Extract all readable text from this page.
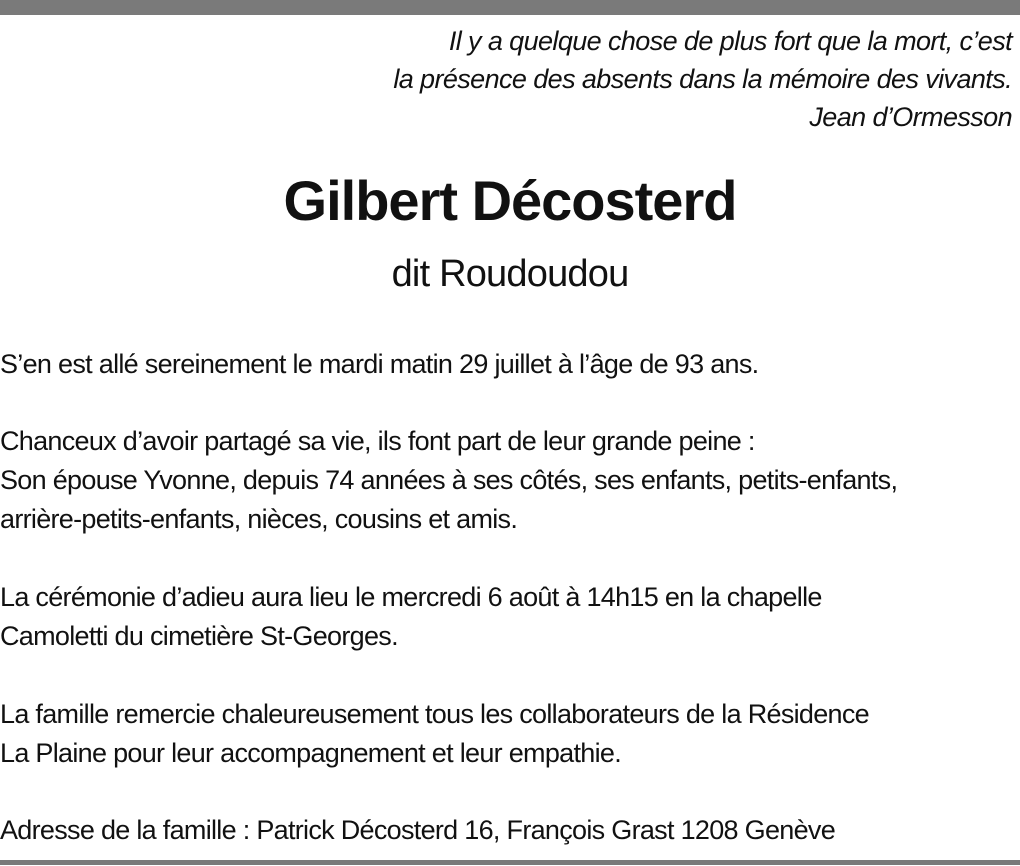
Il y a quelque chose de plus fort que la mort, c’est
la présence des absents dans la mémoire des vivants.
Jean d’Ormesson
Gilbert Décosterd
dit Roudoudou
S’en est allé sereinement le mardi matin 29 juillet à l’âge de 93 ans.
Chanceux d’avoir partagé sa vie, ils font part de leur grande peine :
Son épouse Yvonne, depuis 74 années à ses côtés, ses enfants, petits-enfants,
arrière-petits-enfants, nièces, cousins et amis.
La cérémonie d’adieu aura lieu le mercredi 6 août à 14h15 en la chapelle
Camoletti du cimetière St-Georges.
La famille remercie chaleureusement tous les collaborateurs de la Résidence
La Plaine pour leur accompagnement et leur empathie.
Adresse de la famille : Patrick Décosterd 16, François Grast 1208 Genève
